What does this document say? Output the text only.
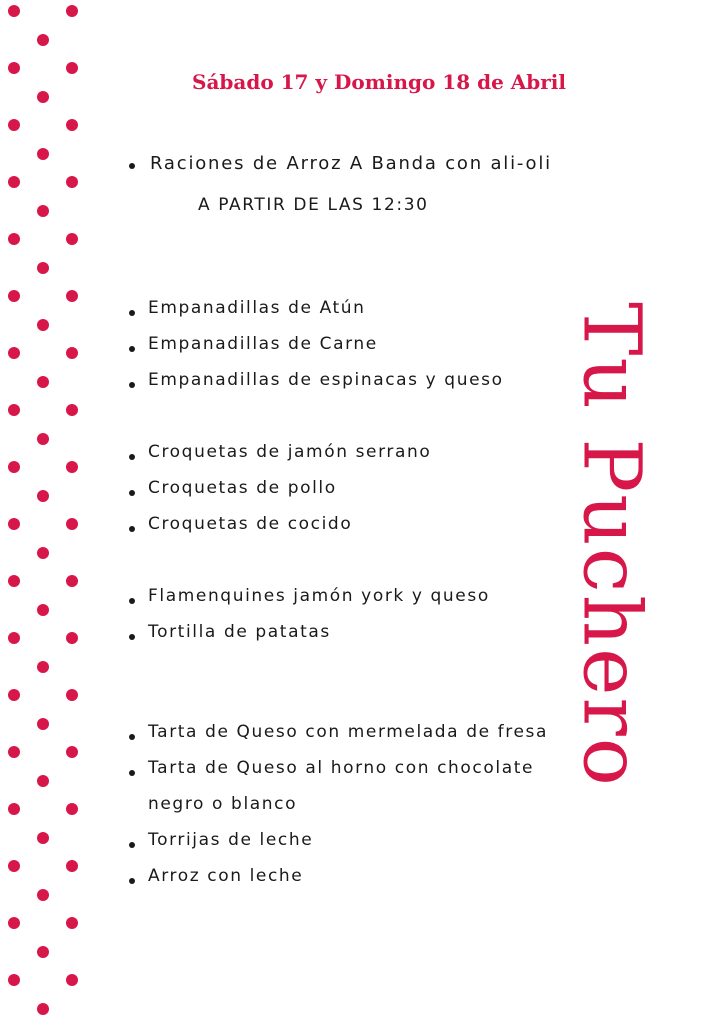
Sábado 17 y Domingo 18 de Abril
Raciones de Arroz A Banda con ali-oli
A PARTIR DE LAS 12:30
Empanadillas de Atún
Empanadillas de Carne
Empanadillas de espinacas y queso
Croquetas de jamón serrano
Croquetas de pollo
Croquetas de cocido
Flamenquines jamón york y queso
Tortilla de patatas
Tarta de Queso con mermelada de fresa
Tarta de Queso al horno con chocolate
negro o blanco
Torrijas de leche
Arroz con leche
Tu Puchero
